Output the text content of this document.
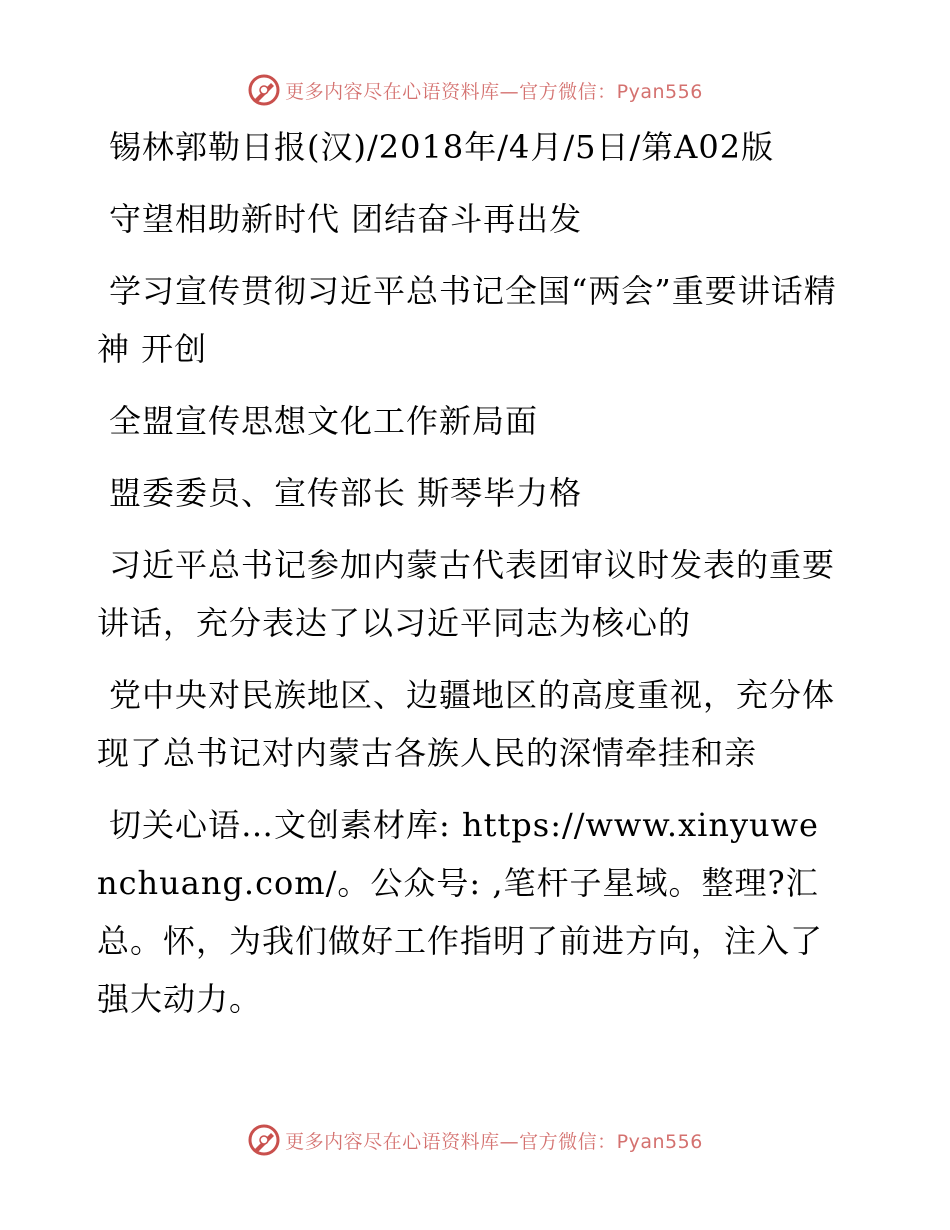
更多内容尽在心语资料库—官方微信：Pyan556

锡林郭勒日报(汉)/2018年/4月/5日/第A02版

守望相助新时代 团结奋斗再出发

学习宣传贯彻习近平总书记全国“两会”重要讲话精神 开创

全盟宣传思想文化工作新局面

盟委委员、宣传部长 斯琴毕力格

习近平总书记参加内蒙古代表团审议时发表的重要讲话，充分表达了以习近平同志为核心的

党中央对民族地区、边疆地区的高度重视，充分体现了总书记对内蒙古各族人民的深情牵挂和亲

切关心语…文创素材库: https://www.xinyuwenchuang.com/。公众号: ,笔杆子星域。整理?汇总。怀，为我们做好工作指明了前进方向，注入了强大动力。

更多内容尽在心语资料库—官方微信：Pyan556
